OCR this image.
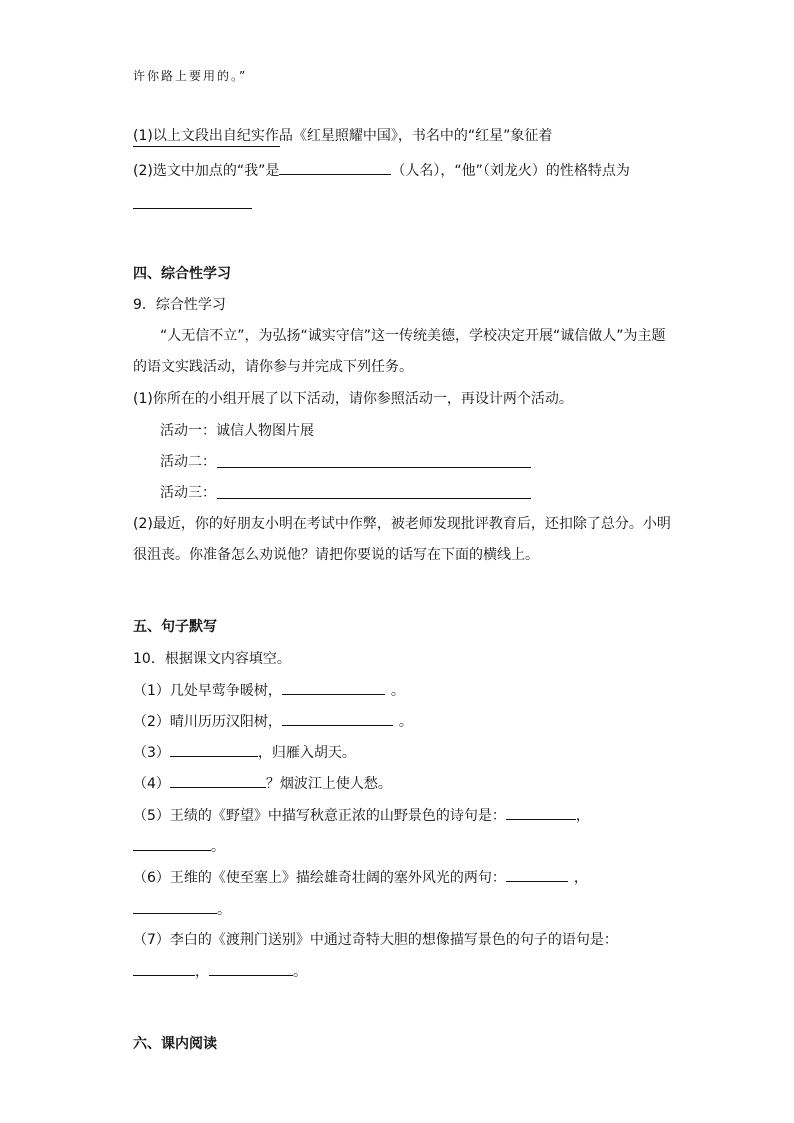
许你路上要用的。”
(1)以上文段出自纪实作品《红星照耀中国》，书名中的“红星”象征着
(2)选文中加点的“我”是	（人名），“他”（刘龙火）的性格特点为
四、综合性学习
9．综合性学习
“人无信不立”，为弘扬“诚实守信”这一传统美德，学校决定开展“诚信做人”为主题
的语文实践活动，请你参与并完成下列任务。
(1)你所在的小组开展了以下活动，请你参照活动一，再设计两个活动。
活动一：诚信人物图片展
活动二：
活动三：
(2)最近，你的好朋友小明在考试中作弊，被老师发现批评教育后，还扣除了总分。小明
很沮丧。你准备怎么劝说他？请把你要说的话写在下面的横线上。
五、句子默写
10．根据课文内容填空。
（1）几处早莺争暖树，	。
（2）晴川历历汉阳树，	。
（3）	，归雁入胡天。
（4）	？烟波江上使人愁。
（5）王绩的《野望》中描写秋意正浓的山野景色的诗句是：	，
。
（6）王维的《使至塞上》描绘雄奇壮阔的塞外风光的两句：	，
。
（7）李白的《渡荆门送别》中通过奇特大胆的想像描写景色的句子的语句是：
，	。
六、课内阅读
